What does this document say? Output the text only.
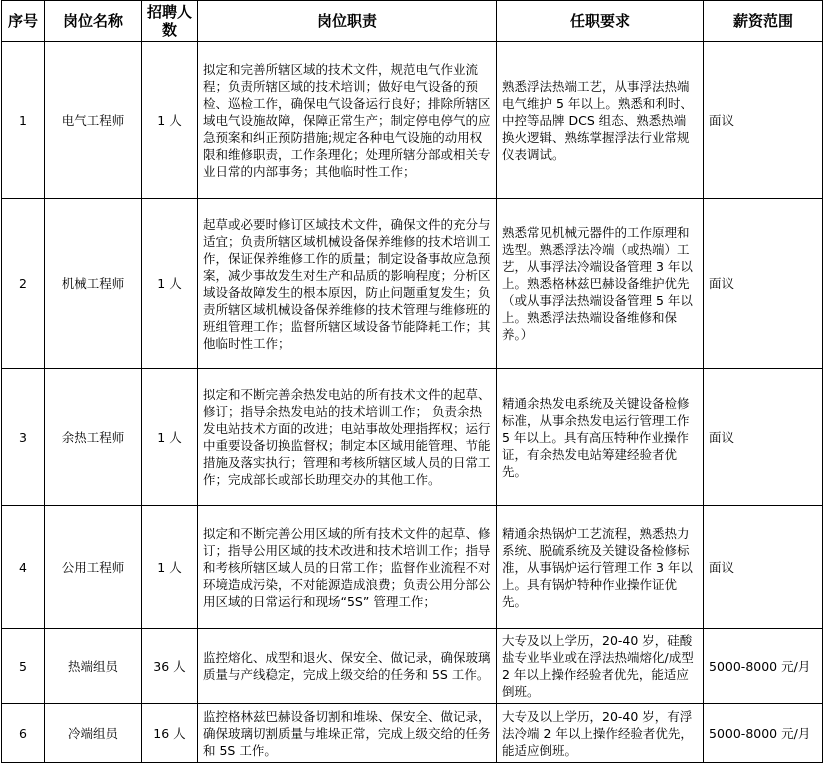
序号	岗位名称	招聘人数	岗位职责	任职要求	薪资范围
1	电气工程师	1 人	拟定和完善所辖区域的技术文件，规范电气作业流程；负责所辖区域的技术培训；做好电气设备的预检、巡检工作，确保电气设备运行良好；排除所辖区域电气设施故障，保障正常生产；制定停电停气的应急预案和纠正预防措施;规定各种电气设施的动用权限和维修职责，工作条理化；处理所辖分部或相关专业日常的内部事务；其他临时性工作；	熟悉浮法热端工艺，从事浮法热端电气维护 5 年以上。熟悉和利时、中控等品牌 DCS 组态、熟悉热端换火逻辑、熟练掌握浮法行业常规仪表调试。	面议
2	机械工程师	1 人	起草或必要时修订区域技术文件，确保文件的充分与适宜；负责所辖区域机械设备保养维修的技术培训工作，保证保养维修工作的质量；制定设备事故应急预案，减少事故发生对生产和品质的影响程度；分析区域设备故障发生的根本原因，防止问题重复发生；负责所辖区域机械设备保养维修的技术管理与维修班的班组管理工作；监督所辖区域设备节能降耗工作；其他临时性工作；	熟悉常见机械元器件的工作原理和选型。熟悉浮法冷端（或热端）工艺，从事浮法冷端设备管理 3 年以上。熟悉格林兹巴赫设备维护优先（或从事浮法热端设备管理 5 年以上。熟悉浮法热端设备维修和保养。）	面议
3	余热工程师	1 人	拟定和不断完善余热发电站的所有技术文件的起草、修订；指导余热发电站的技术培训工作； 负责余热发电站技术方面的改进；电站事故处理指挥权；运行中重要设备切换监督权；制定本区域用能管理、节能措施及落实执行；管理和考核所辖区域人员的日常工作；完成部长或部长助理交办的其他工作。	精通余热发电系统及关键设备检修标准，从事余热发电运行管理工作 5 年以上。具有高压特种作业操作证，有余热发电站筹建经验者优先。	面议
4	公用工程师	1 人	拟定和不断完善公用区域的所有技术文件的起草、修订；指导公用区域的技术改进和技术培训工作；指导和考核所辖区域人员的日常工作；监督作业流程不对环境造成污染，不对能源造成浪费；负责公用分部公用区域的日常运行和现场“5S” 管理工作；	精通余热锅炉工艺流程，熟悉热力系统、脱硫系统及关键设备检修标准，从事锅炉运行管理工作 3 年以上。具有锅炉特种作业操作证优先。	面议
5	热端组员	36 人	监控熔化、成型和退火、保安全、做记录，确保玻璃质量与产线稳定，完成上级交给的任务和 5S 工作。	大专及以上学历，20-40 岁，硅酸盐专业毕业或在浮法热端熔化/成型 2 年以上操作经验者优先，能适应倒班。	5000-8000 元/月
6	冷端组员	16 人	监控格林兹巴赫设备切割和堆垛、保安全、做记录，确保玻璃切割质量与堆垛正常，完成上级交给的任务和 5S 工作。	大专及以上学历，20-40 岁，有浮法冷端 2 年以上操作经验者优先，能适应倒班。	5000-8000 元/月
